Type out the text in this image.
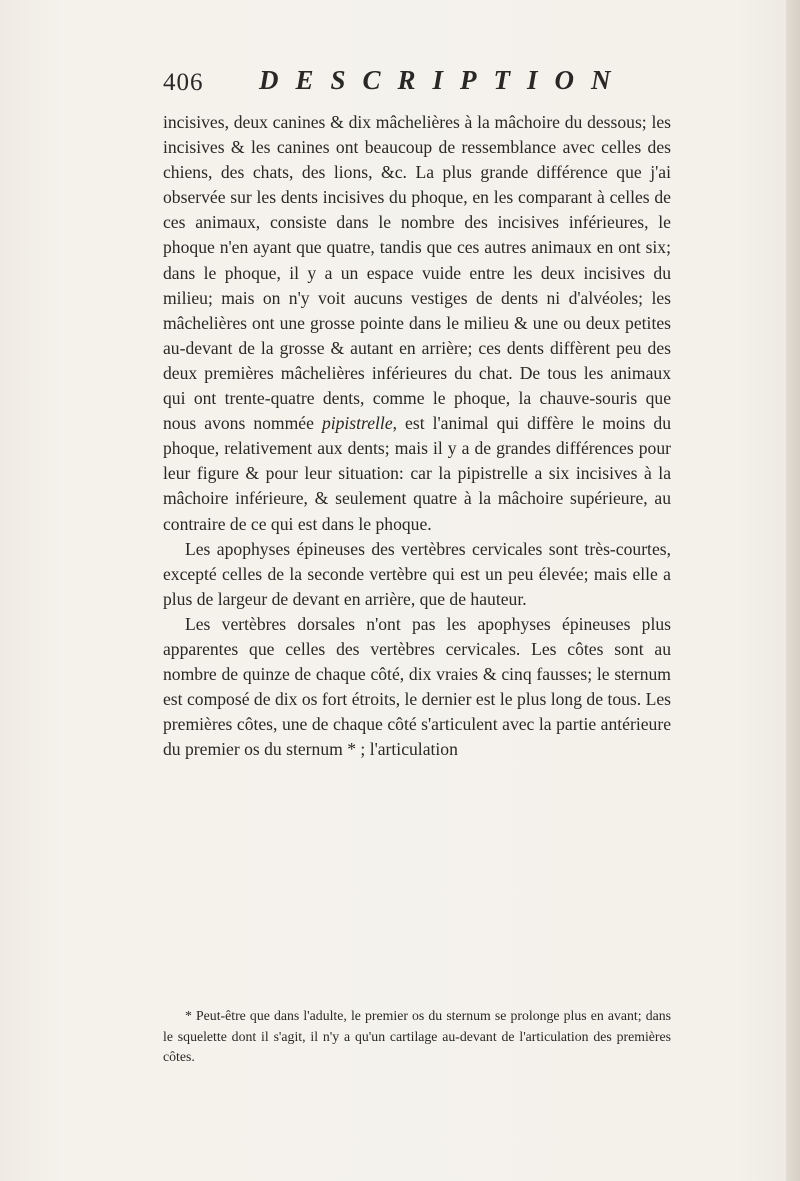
406 DESCRIPTION

incisives, deux canines & dix mâchelières à la mâchoire du dessous; les incisives & les canines ont beaucoup de ressemblance avec celles des chiens, des chats, des lions, &c. La plus grande différence que j'ai observée sur les dents incisives du phoque, en les comparant à celles de ces animaux, consiste dans le nombre des incisives inférieures, le phoque n'en ayant que quatre, tandis que ces autres animaux en ont six; dans le phoque, il y a un espace vuide entre les deux incisives du milieu; mais on n'y voit aucuns vestiges de dents ni d'alvéoles; les mâchelières ont une grosse pointe dans le milieu & une ou deux petites au-devant de la grosse & autant en arrière; ces dents diffèrent peu des deux premières mâchelières inférieures du chat. De tous les animaux qui ont trente-quatre dents, comme le phoque, la chauve-souris que nous avons nommée pipistrelle, est l'animal qui diffère le moins du phoque, relativement aux dents; mais il y a de grandes différences pour leur figure & pour leur situation: car la pipistrelle a six incisives à la mâchoire inférieure, & seulement quatre à la mâchoire supérieure, au contraire de ce qui est dans le phoque.

Les apophyses épineuses des vertèbres cervicales sont très-courtes, excepté celles de la seconde vertèbre qui est un peu élevée; mais elle a plus de largeur de devant en arrière, que de hauteur.

Les vertèbres dorsales n'ont pas les apophyses épineuses plus apparentes que celles des vertèbres cervicales. Les côtes sont au nombre de quinze de chaque côté, dix vraies & cinq fausses; le sternum est composé de dix os fort étroits, le dernier est le plus long de tous. Les premières côtes, une de chaque côté s'articulent avec la partie antérieure du premier os du sternum * ; l'articulation

* Peut-être que dans l'adulte, le premier os du sternum se prolonge plus en avant; dans le squelette dont il s'agit, il n'y a qu'un cartilage au-devant de l'articulation des premières côtes.
